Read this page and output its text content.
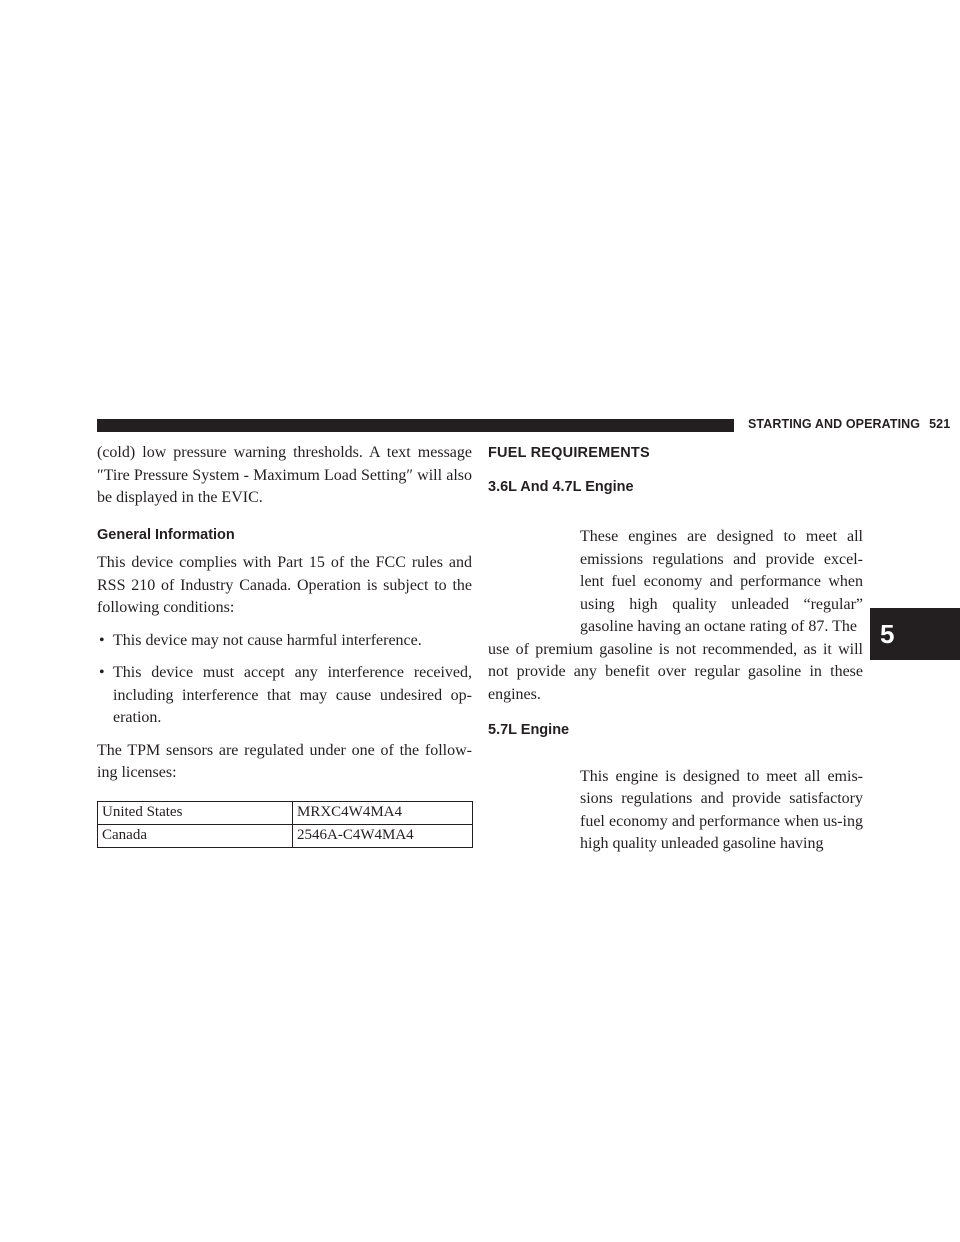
STARTING AND OPERATING 521

(cold) low pressure warning thresholds. A text message ″Tire Pressure System - Maximum Load Setting″ will also be displayed in the EVIC.

General Information

This device complies with Part 15 of the FCC rules and RSS 210 of Industry Canada. Operation is subject to the following conditions:

• This device may not cause harmful interference.
• This device must accept any interference received, including interference that may cause undesired op-eration.

The TPM sensors are regulated under one of the follow-ing licenses:

United States	MRXC4W4MA4
Canada	2546A-C4W4MA4
FUEL REQUIREMENTS
3.6L And 4.7L Engine

These engines are designed to meet all emissions regulations and provide excel-lent fuel economy and performance when using high quality unleaded “regular” gasoline having an octane rating of 87. The

use of premium gasoline is not recommended, as it will not provide any benefit over regular gasoline in these engines.

5.7L Engine

This engine is designed to meet all emis-sions regulations and provide satisfactory fuel economy and performance when us-ing high quality unleaded gasoline having

5
